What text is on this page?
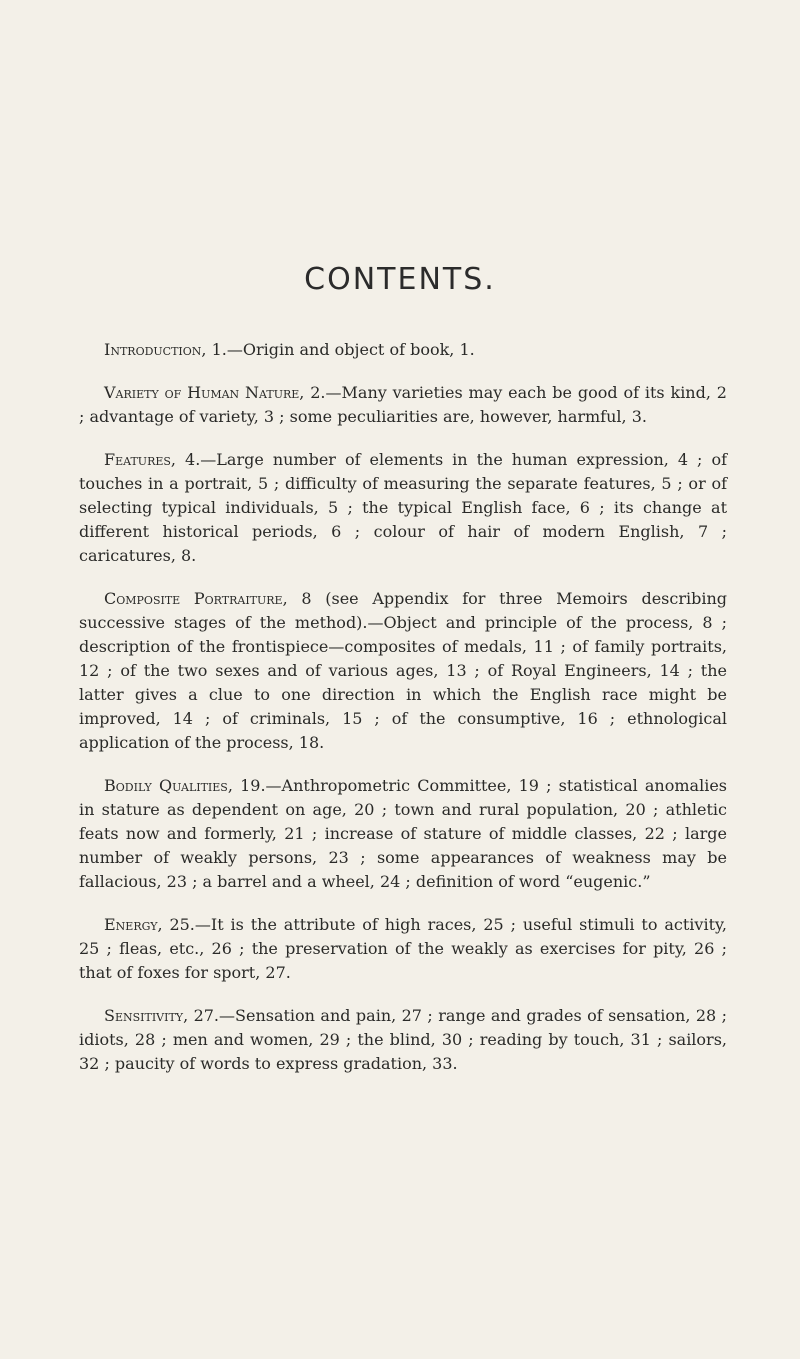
CONTENTS.

Introduction, 1.—Origin and object of book, 1.

Variety of Human Nature, 2.—Many varieties may each be good of its kind, 2 ; advantage of variety, 3 ; some peculiarities are, however, harmful, 3.

Features, 4.—Large number of elements in the human expression, 4 ; of touches in a portrait, 5 ; difficulty of measuring the separate features, 5 ; or of selecting typical individuals, 5 ; the typical English face, 6 ; its change at different historical periods, 6 ; colour of hair of modern English, 7 ; caricatures, 8.

Composite Portraiture, 8 (see Appendix for three Memoirs describing successive stages of the method).—Object and principle of the process, 8 ; description of the frontispiece—composites of medals, 11 ; of family portraits, 12 ; of the two sexes and of various ages, 13 ; of Royal Engineers, 14 ; the latter gives a clue to one direction in which the English race might be improved, 14 ; of criminals, 15 ; of the consumptive, 16 ; ethnological application of the process, 18.

Bodily Qualities, 19.—Anthropometric Committee, 19 ; statistical anomalies in stature as dependent on age, 20 ; town and rural population, 20 ; athletic feats now and formerly, 21 ; increase of stature of middle classes, 22 ; large number of weakly persons, 23 ; some appearances of weakness may be fallacious, 23 ; a barrel and a wheel, 24 ; definition of word “eugenic.”

Energy, 25.—It is the attribute of high races, 25 ; useful stimuli to activity, 25 ; fleas, etc., 26 ; the preservation of the weakly as exercises for pity, 26 ; that of foxes for sport, 27.

Sensitivity, 27.—Sensation and pain, 27 ; range and grades of sensation, 28 ; idiots, 28 ; men and women, 29 ; the blind, 30 ; reading by touch, 31 ; sailors, 32 ; paucity of words to express gradation, 33.
